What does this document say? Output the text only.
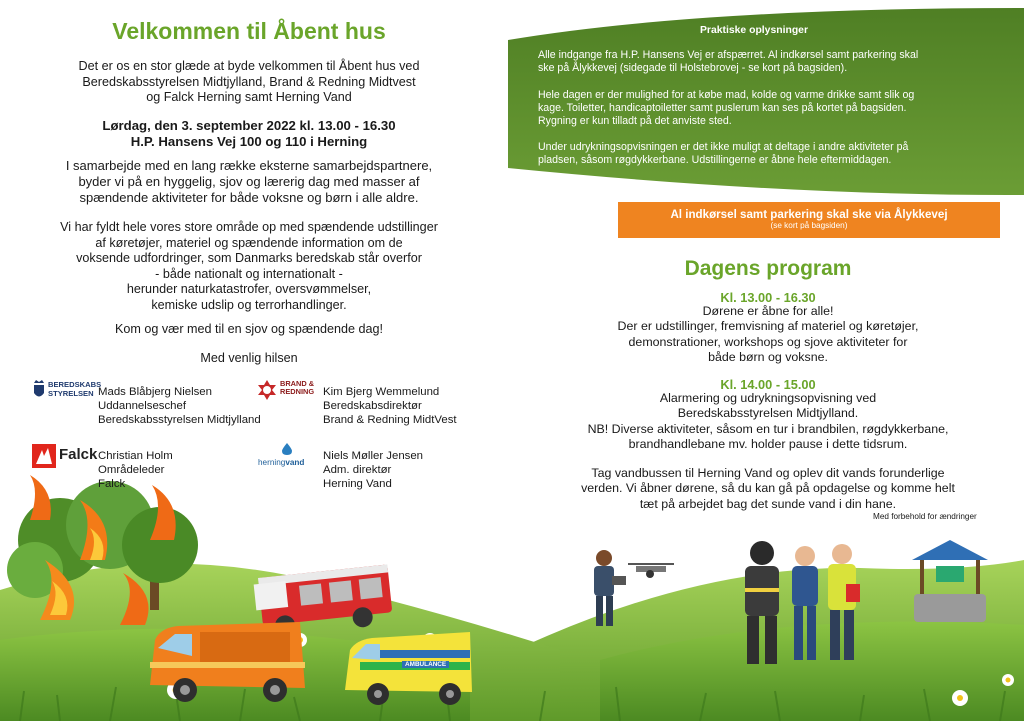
Velkommen til Åbent hus
Det er os en stor glæde at byde velkommen til Åbent hus ved
Beredskabsstyrelsen Midtjylland, Brand & Redning Midtvest
og Falck Herning samt Herning Vand
Lørdag, den 3. september 2022 kl. 13.00 - 16.30
H.P. Hansens Vej 100 og 110 i Herning
I samarbejde med en lang række eksterne samarbejdspartnere,
byder vi på en hyggelig, sjov og lærerig dag med masser af
spændende aktiviteter for både voksne og børn i alle aldre.
Vi har fyldt hele vores store område op med spændende udstillinger
af køretøjer, materiel og spændende information om de
voksende udfordringer, som Danmarks beredskab står overfor
- både nationalt og internationalt -
herunder naturkatastrofer, oversvømmelser,
kemiske udslip og terrorhandlinger.
Kom og vær med til en sjov og spændende dag!
Med venlig hilsen
BEREDSKABS
STYRELSEN Mads Blåbjerg Nielsen
Uddannelseschef
Beredskabsstyrelsen Midtjylland
BRAND &
REDNING Kim Bjerg Wemmelund
Beredskabsdirektør
Brand & Redning MidtVest
Falck Christian Holm
Områdeleder
Falck
herningvand
Niels Møller Jensen
Adm. direktør
Herning Vand
AMBULANCE
Praktiske oplysninger
Alle indgange fra H.P. Hansens Vej er afspærret. Al indkørsel samt parkering skal
ske på Ålykkevej (sidegade til Holstebrovej - se kort på bagsiden).
Hele dagen er der mulighed for at købe mad, kolde og varme drikke samt slik og
kage. Toiletter, handicaptoiletter samt puslerum kan ses på kortet på bagsiden.
Rygning er kun tilladt på det anviste sted.
Under udrykningsopvisningen er det ikke muligt at deltage i andre aktiviteter på
pladsen, såsom røgdykkerbane. Udstillingerne er åbne hele eftermiddagen.
Al indkørsel samt parkering skal ske via Ålykkevej
(se kort på bagsiden)
Dagens program
Kl. 13.00 - 16.30
Dørene er åbne for alle!
Der er udstillinger, fremvisning af materiel og køretøjer,
demonstrationer, workshops og sjove aktiviteter for
både børn og voksne.
Kl. 14.00 - 15.00
Alarmering og udrykningsopvisning ved
Beredskabsstyrelsen Midtjylland.
NB! Diverse aktiviteter, såsom en tur i brandbilen, røgdykkerbane,
brandhandlebane mv. holder pause i dette tidsrum.
Tag vandbussen til Herning Vand og oplev dit vands forunderlige
verden. Vi åbner dørene, så du kan gå på opdagelse og komme helt
tæt på arbejdet bag det sunde vand i din hane.
Med forbehold for ændringer
